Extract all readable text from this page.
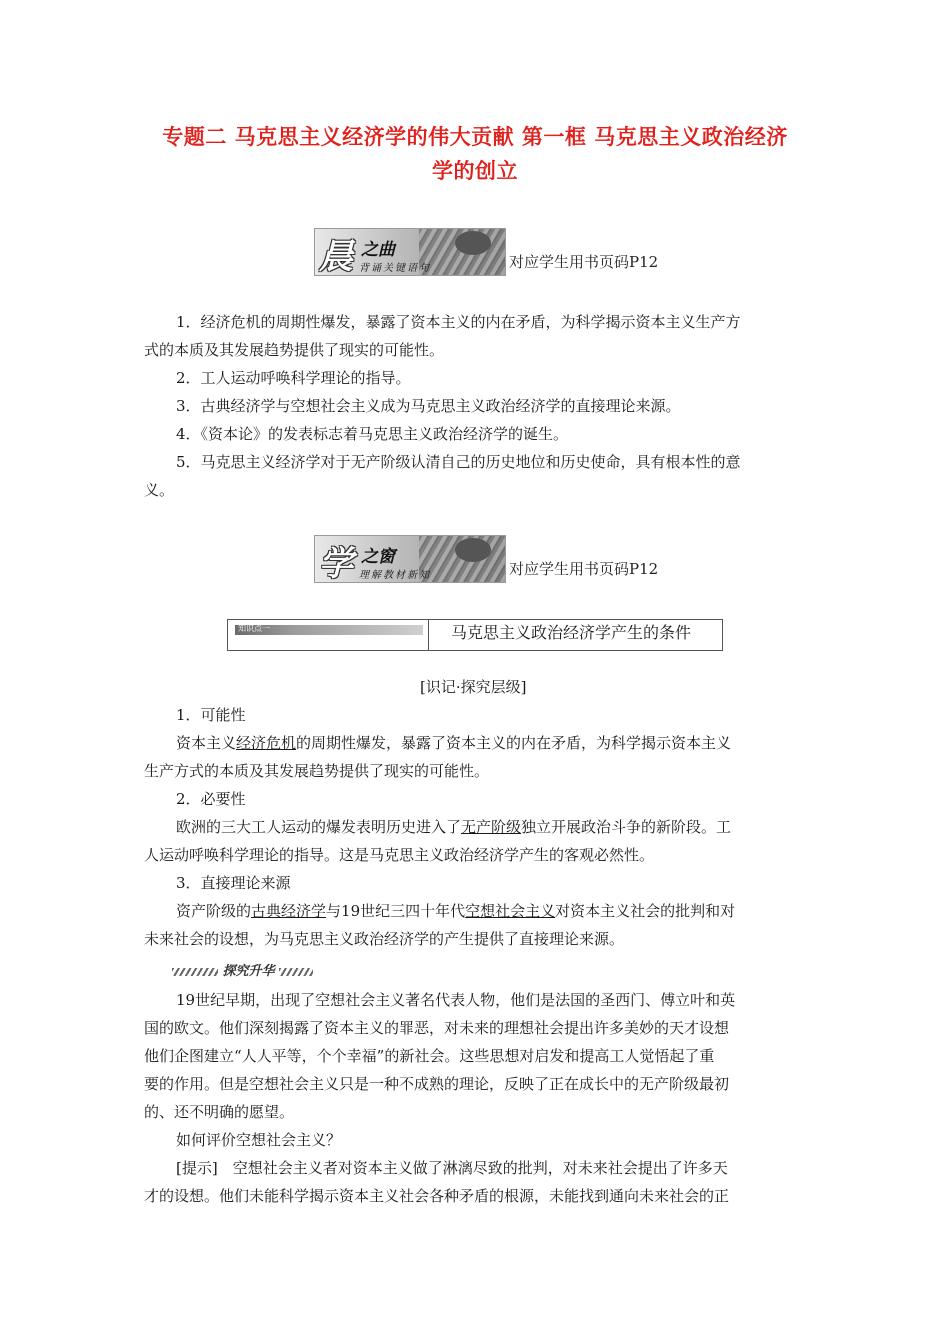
专题二 马克思主义经济学的伟大贡献 第一框 马克思主义政治经济
学的创立
晨 之曲
背诵关键语句	对应学生用书页码P12

1．经济危机的周期性爆发，暴露了资本主义的内在矛盾，为科学揭示资本主义生产方

式的本质及其发展趋势提供了现实的可能性。

2．工人运动呼唤科学理论的指导。

3．古典经济学与空想社会主义成为马克思主义政治经济学的直接理论来源。

4．《资本论》的发表标志着马克思主义政治经济学的诞生。

5．马克思主义经济学对于无产阶级认清自己的历史地位和历史使命，具有根本性的意

义。

学 之窗
理解教材新知	对应学生用书页码P12
知识点一	马克思主义政治经济学产生的条件
[识记·探究层级]

1．可能性

资本主义经济危机的周期性爆发，暴露了资本主义的内在矛盾，为科学揭示资本主义

生产方式的本质及其发展趋势提供了现实的可能性。

2．必要性

欧洲的三大工人运动的爆发表明历史进入了无产阶级独立开展政治斗争的新阶段。工

人运动呼唤科学理论的指导。这是马克思主义政治经济学产生的客观必然性。

3．直接理论来源

资产阶级的古典经济学与19世纪三四十年代空想社会主义对资本主义社会的批判和对

未来社会的设想，为马克思主义政治经济学的产生提供了直接理论来源。

探究升华

19世纪早期，出现了空想社会主义著名代表人物，他们是法国的圣西门、傅立叶和英

国的欧文。他们深刻揭露了资本主义的罪恶，对未来的理想社会提出许多美妙的天才设想

他们企图建立“人人平等，个个幸福”的新社会。这些思想对启发和提高工人觉悟起了重

要的作用。但是空想社会主义只是一种不成熟的理论，反映了正在成长中的无产阶级最初

的、还不明确的愿望。

如何评价空想社会主义？

[提示]　空想社会主义者对资本主义做了淋漓尽致的批判，对未来社会提出了许多天

才的设想。他们未能科学揭示资本主义社会各种矛盾的根源，未能找到通向未来社会的正
